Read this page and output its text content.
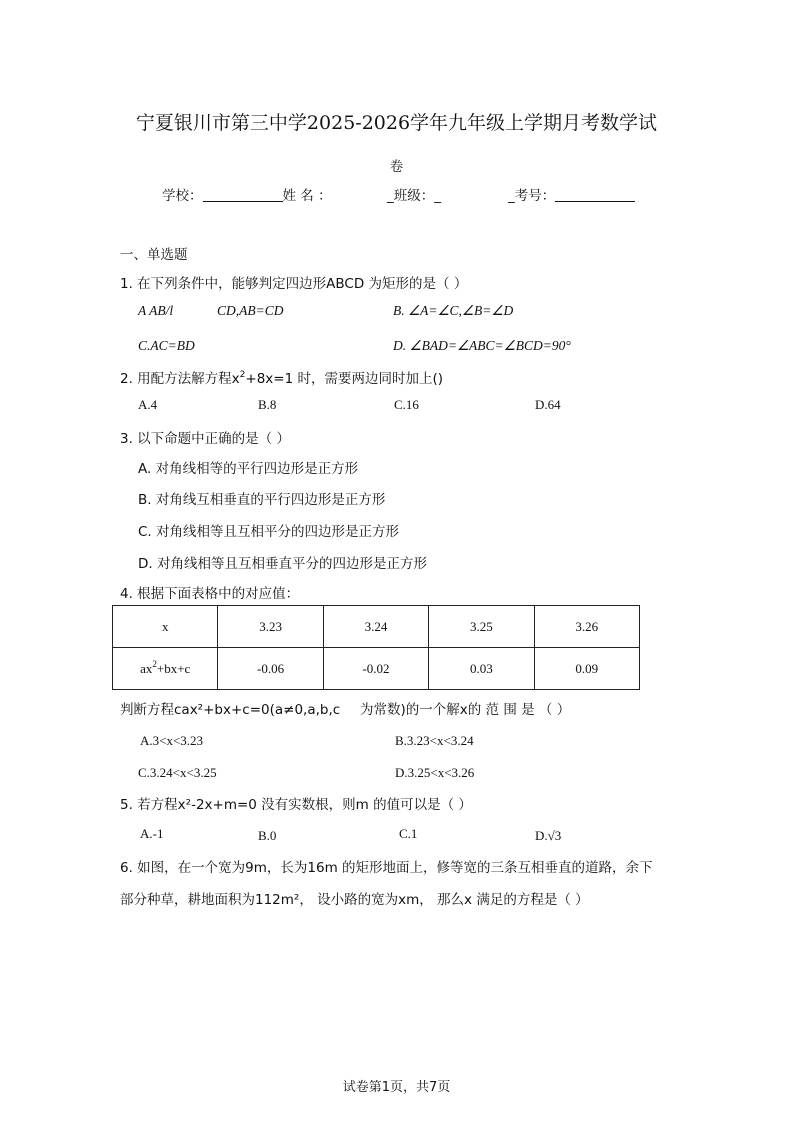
宁夏银川市第三中学2025-2026学年九年级上学期月考数学试
卷
学校：	姓 名 ：	_班级：_	_考号：
一、单选题
1. 在下列条件中，能够判定四边形ABCD 为矩形的是（ ）
A AB/l	CD,AB=CD	B. ∠A=∠C,∠B=∠D
C.AC=BD	D. ∠BAD=∠ABC=∠BCD=90°
2. 用配方法解方程$x^2+8x=1$ 时，需要两边同时加上()
A.4	B.8	C.16	D.64
3. 以下命题中正确的是（ ）
A. 对角线相等的平行四边形是正方形
B. 对角线互相垂直的平行四边形是正方形
C. 对角线相等且互相平分的四边形是正方形
D. 对角线相等且互相垂直平分的四边形是正方形
4. 根据下面表格中的对应值：
x	3.23	3.24	3.25	3.26
$ax^2+bx+c$	-0.06	-0.02	0.03	0.09
判断方程cax²+bx+c=0(a≠0,a,b,c 为常数)的一个解x的 范 围 是 （ ）
A.3<x<3.23	B.3.23<x<3.24
C.3.24<x<3.25	D.3.25<x<3.26
5. 若方程x²-2x+m=0 没有实数根，则m 的值可以是（ ）
A.-1	B.0	C.1	D.√3
6. 如图，在一个宽为9m，长为16m 的矩形地面上，修等宽的三条互相垂直的道路，余下
部分种草，耕地面积为112m²， 设小路的宽为xm， 那么x 满足的方程是（ ）
试卷第1页，共7页
